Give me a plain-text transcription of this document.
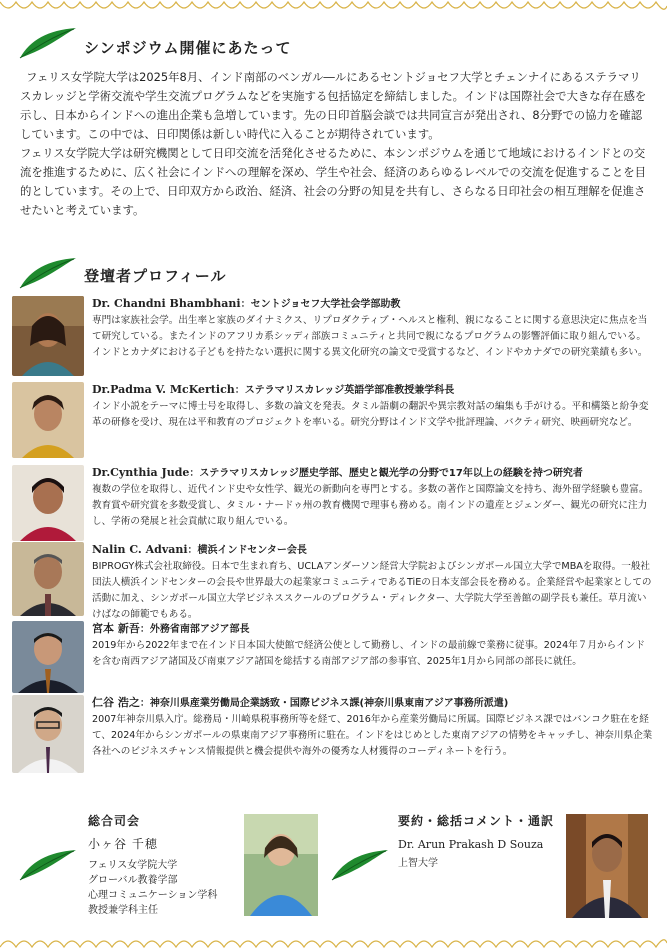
シンポジウム開催にあたって

フェリス女学院大学は2025年8月、インド南部のベンガル―ルにあるセントジョセフ大学とチェンナイにあるステラマリスカレッジと学術交流や学生交流プログラムなどを実施する包括協定を締結しました。インドは国際社会で大きな存在感を示し、日本からインドへの進出企業も急増しています。先の日印首脳会談では共同宣言が発出され、8分野での協力を確認しています。この中では、日印関係は新しい時代に入ることが期待されています。

フェリス女学院大学は研究機関として日印交流を活発化させるために、本シンポジウムを通じて地域におけるインドとの交流を推進するために、広く社会にインドへの理解を深め、学生や社会、経済のあらゆるレベルでの交流を促進することを目的としています。その上で、日印双方から政治、経済、社会の分野の知見を共有し、さらなる日印社会の相互理解を促進させたいと考えています。

登壇者プロフィール
Dr. Chandni Bhambhani：セントジョセフ大学社会学部助教
専門は家族社会学。出生率と家族のダイナミクス、リプロダクティブ・ヘルスと権利、親になることに関する意思決定に焦点を当て研究している。またインドのアフリカ系シッディ部族コミュニティと共同で親になるプログラムの影響評価に取り組んでいる。インドとカナダにおける子どもを持たない選択に関する異文化研究の論文で受賞するなど、インドやカナダでの研究業績も多い。
Dr.Padma V. McKertich：ステラマリスカレッジ英語学部准教授兼学科長
インド小説をテーマに博士号を取得し、多数の論文を発表。タミル語劇の翻訳や異宗教対話の編集も手がける。平和構築と紛争変革の研修を受け、現在は平和教育のプロジェクトを率いる。研究分野はインド文学や批評理論、バクティ研究、映画研究など。
Dr.Cynthia Jude：ステラマリスカレッジ歴史学部、歴史と観光学の分野で17年以上の経験を持つ研究者
複数の学位を取得し、近代インド史や女性学、観光の新動向を専門とする。多数の著作と国際論文を持ち、海外留学経験も豊富。教育賞や研究賞を多数受賞し、タミル・ナードゥ州の教育機関で理事も務める。南インドの遺産とジェンダー、観光の研究に注力し、学術の発展と社会貢献に取り組んでいる。
Nalin C. Advani：横浜インドセンター会長
BIPROGY株式会社取締役。日本で生まれ育ち、UCLAアンダーソン経営大学院およびシンガポール国立大学でMBAを取得。一般社団法人横浜インドセンターの会長や世界最大の起業家コミュニティであるTiEの日本支部会長を務める。企業経営や起業家としての活動に加え、シンガポール国立大学ビジネススクールのプログラム・ディレクター、大学院大学至善館の副学長も兼任。草月流いけばなの師範でもある。
宮本 新吾：外務省南部アジア部長
2019年から2022年まで在インド日本国大使館で経済公使として勤務し、インドの最前線で業務に従事。2024年７月からインドを含む南西アジア諸国及び南東アジア諸国を総括する南部アジア部の参事官、2025年1月から同部の部長に就任。
仁谷 浩之：神奈川県産業労働局企業誘致・国際ビジネス課(神奈川県東南アジア事務所派遣)
2007年神奈川県入庁。総務局・川崎県税事務所等を経て、2016年から産業労働局に所属。国際ビジネス課ではバンコク駐在を経て、2024年からシンガポールの県東南アジア事務所に駐在。インドをはじめとした東南アジアの情勢をキャッチし、神奈川県企業各社へのビジネスチャンス情報提供と機会提供や海外の優秀な人材獲得のコーディネートを行う。
総合司会
小ヶ谷 千穂
フェリス女学院大学
グローバル教養学部
心理コミュニケーション学科
教授兼学科主任
要約・総括コメント・通訳
Dr. Arun Prakash D Souza
上智大学
